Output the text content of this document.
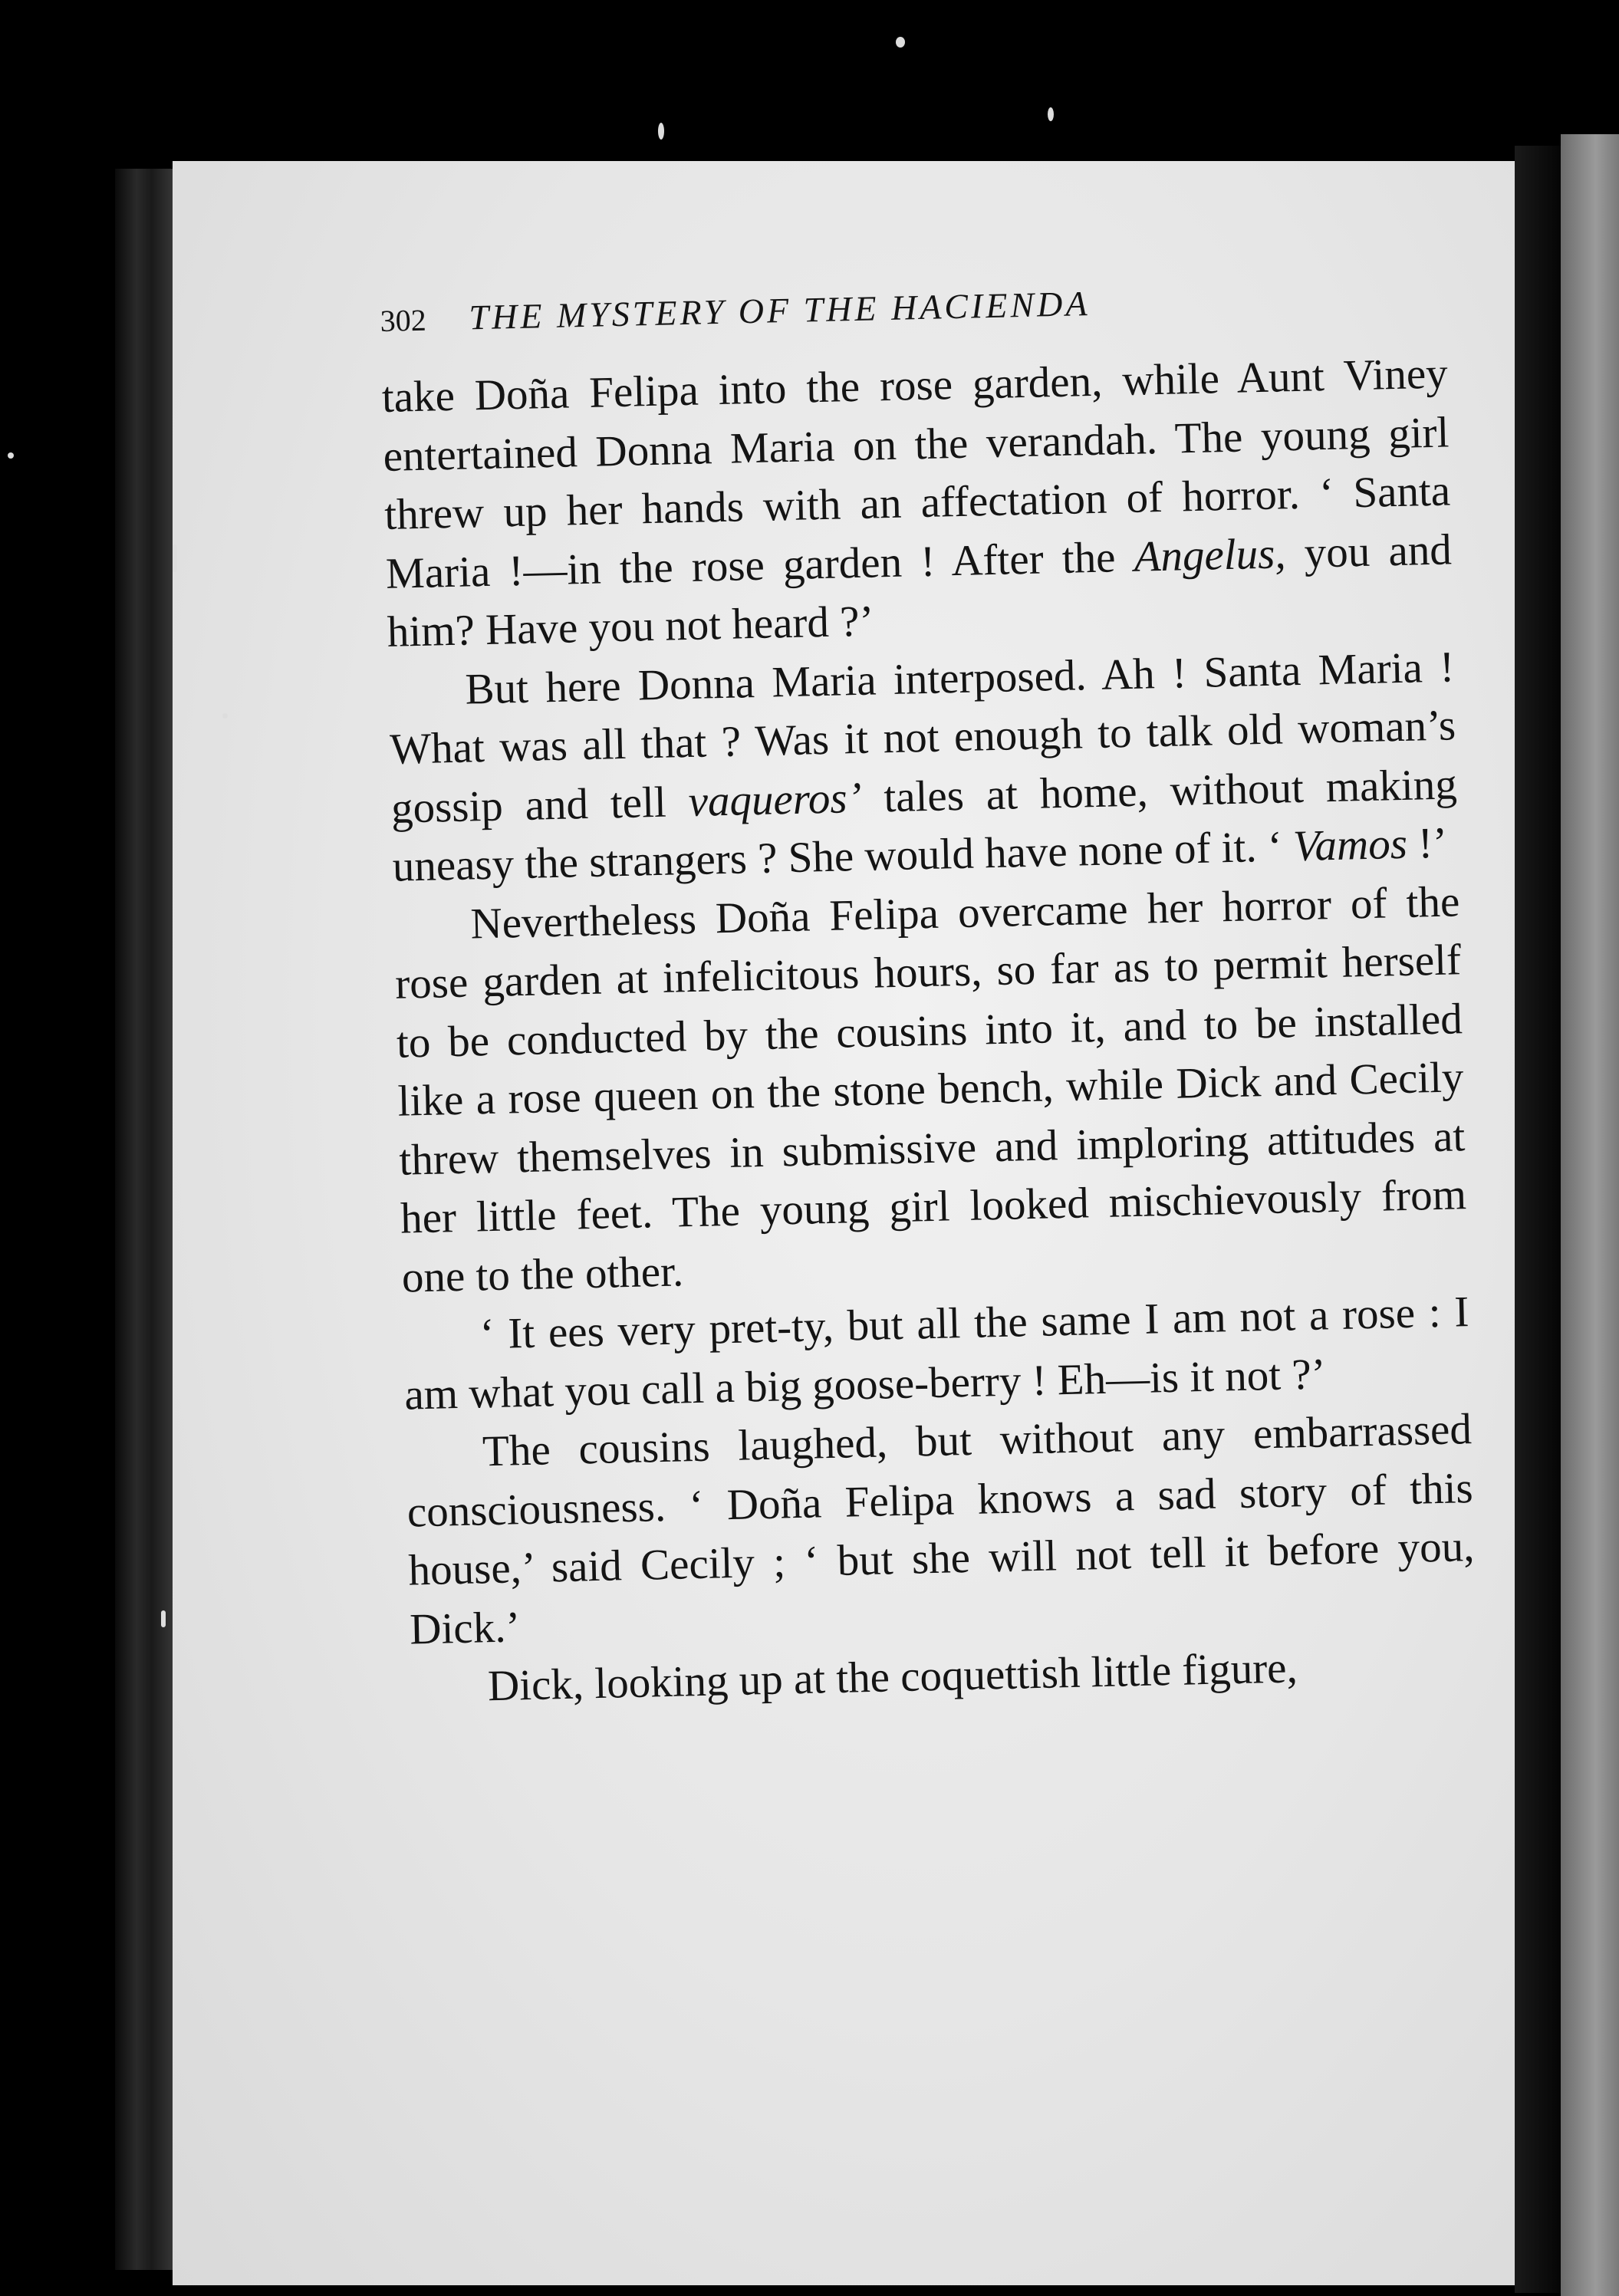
302 THE MYSTERY OF THE HACIENDA

take Doña Felipa into the rose garden, while Aunt Viney entertained Donna Maria on the verandah. The young girl threw up her hands with an affectation of horror. ‘ Santa Maria !—in the rose garden ! After the Angelus, you and him? Have you not heard ?’

But here Donna Maria interposed. Ah ! Santa Maria ! What was all that ? Was it not enough to talk old woman’s gossip and tell vaqueros’ tales at home, without making uneasy the strangers ? She would have none of it. ‘ Vamos !’

Nevertheless Doña Felipa overcame her horror of the rose garden at infelicitous hours, so far as to permit herself to be conducted by the cousins into it, and to be installed like a rose queen on the stone bench, while Dick and Cecily threw themselves in submissive and imploring attitudes at her little feet. The young girl looked mischievously from one to the other.

‘ It ees very pret-ty, but all the same I am not a rose : I am what you call a big goose-berry ! Eh—is it not ?’

The cousins laughed, but without any embarrassed consciousness. ‘ Doña Felipa knows a sad story of this house,’ said Cecily ; ‘ but she will not tell it before you, Dick.’

Dick, looking up at the coquettish little figure,
